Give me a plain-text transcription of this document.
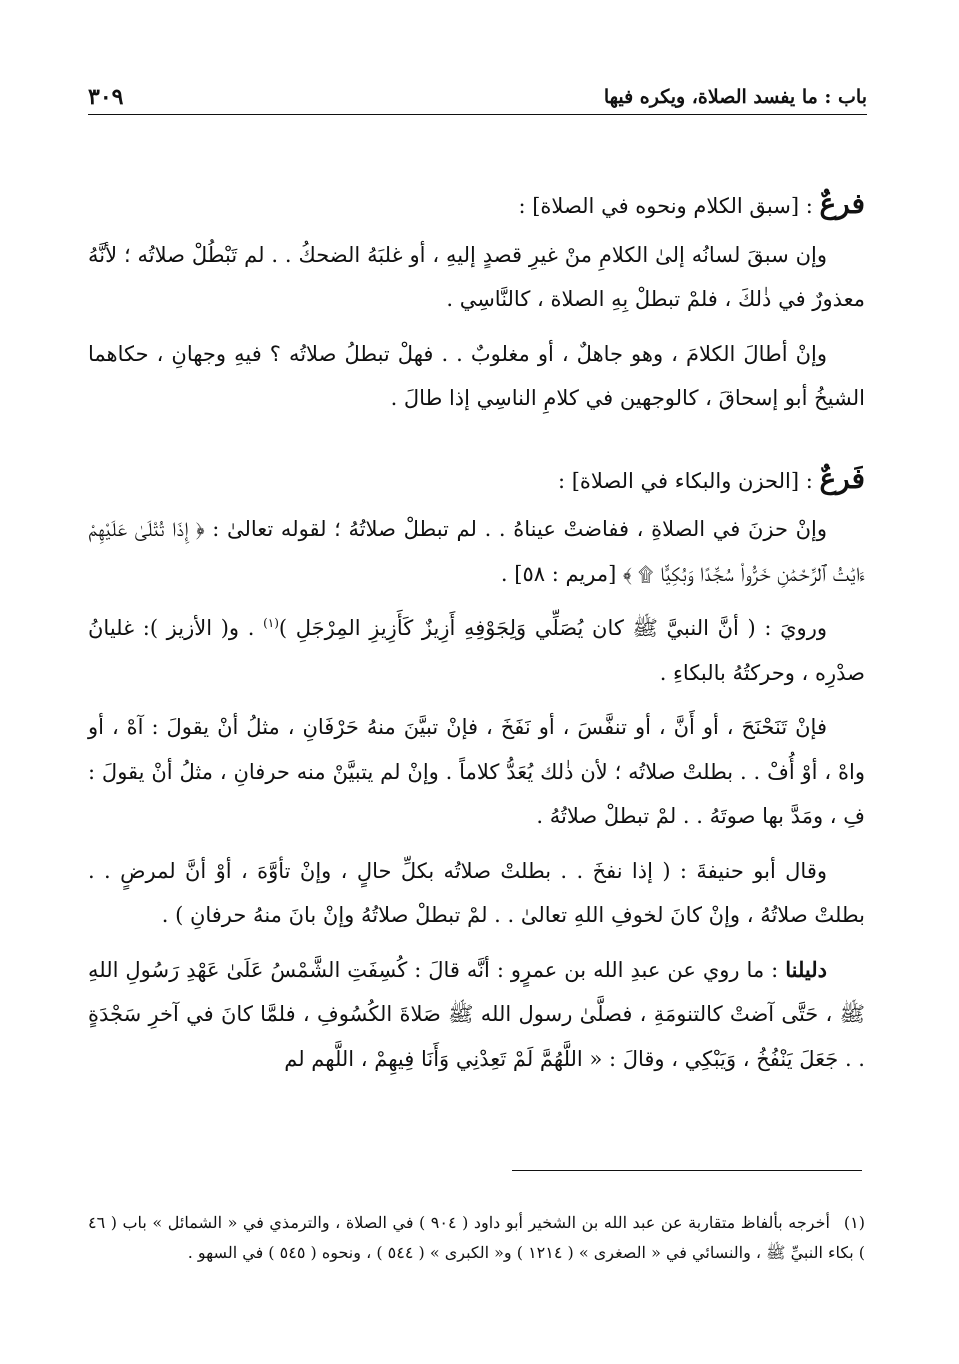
باب : ما يفسد الصلاة، ويكره فيها
٣٠٩

فرعٌ : [سبق الكلام ونحوه في الصلاة] :

وإن سبقَ لسانُه إلىٰ الكلامِ منْ غيرِ قصدٍ إليهِ ، أو غلبَهُ الضحكُ . . لم تَبْطُلْ صلاتُه ؛ لأنَّهُ معذورٌ في ذٰلكَ ، فلمْ تبطلْ بِهِ الصلاة ، كالنَّاسِي .

وإنْ أطالَ الكلامَ ، وهو جاهلٌ ، أو مغلوبٌ . . فهلْ تبطلُ صلاتُه ؟ فيهِ وجهانِ ، حكاهما الشيخُ أبو إسحاقَ ، كالوجهين في كلامِ الناسِي إذا طالَ .

فَرعٌ : [الحزن والبكاء في الصلاة] :

وإنْ حزنَ في الصلاةِ ، ففاضتْ عيناهُ . . لم تبطلْ صلاتُهُ ؛ لقوله تعالىٰ : ﴿ إِذَا تُتْلَىٰ عَلَيْهِمْ ءَايَٰتُ ٱلرَّحْمَٰنِ خَرُّواْ سُجَّدًا وَبُكِيًّا ۩ ﴾ [مريم : ٥٨] .

ورويَ : ( أنَّ النبيَّ ﷺ كان يُصَلِّي وَلِجَوْفِهِ أَزِيزٌ كَأَزِيزِ المِرْجَلِ )$^{(١)}$ . و( الأزيز ): غليانُ صدْرِه ، وحركتُهُ بالبكاءِ .

فإنْ تَنَحْنَحَ ، أو أَنَّ ، أو تنفَّسَ ، أو نَفَخَ ، فإنْ تبيَّنَ منهُ حَرْفَانِ ، مثلُ أنْ يقولَ : آهْ ، أو واهْ ، أوْ أُفْ . . بطلتْ صلاتُه ؛ لأن ذٰلك يُعَدُّ كلاماً . وإنْ لم يتبيَّنْ منه حرفانِ ، مثلُ أنْ يقولَ : فِ ، ومَدَّ بها صوتَهُ . . لمْ تبطلْ صلاتُهُ .

وقال أبو حنيفةَ : ( إذا نفخَ . . بطلتْ صلاتُه بكلِّ حالٍ ، وإنْ تأوَّهَ ، أوْ أنَّ لمرضٍ . . بطلتْ صلاتُهُ ، وإنْ كانَ لخوفِ اللهِ تعالىٰ . . لمْ تبطلْ صلاتُهُ وإنْ بانَ منهُ حرفانِ ) .

دليلنا : ما روي عن عبدِ الله بن عمرٍو : أنَّه قالَ : كُسِفَتِ الشَّمْسُ عَلَىٰ عَهْدِ رَسُولِ اللهِ ﷺ ، حَتَّى آضتْ كالتنومَةِ ، فصلَّىٰ رسول الله ﷺ صَلاةَ الكُسُوفِ ، فلمَّا كانَ في آخرِ سَجْدَةٍ . . جَعَلَ يَنْفُخُ ، وَيَبْكِي ، وقالَ : « اللَّهُمَّ لَمْ تَعِدْنِي وَأَنَا فِيهِمْ ، اللَّهم لم

(١)أخرجه بألفاظ متقاربة عن عبد الله بن الشخير أبو داود ( ٩٠٤ ) في الصلاة ، والترمذي في « الشمائل » باب ( ٤٦ ) بكاء النبيِّ ﷺ ، والنسائي في « الصغرى » ( ١٢١٤ ) و« الكبرى » ( ٥٤٤ ) ، ونحوه ( ٥٤٥ ) في السهو .
